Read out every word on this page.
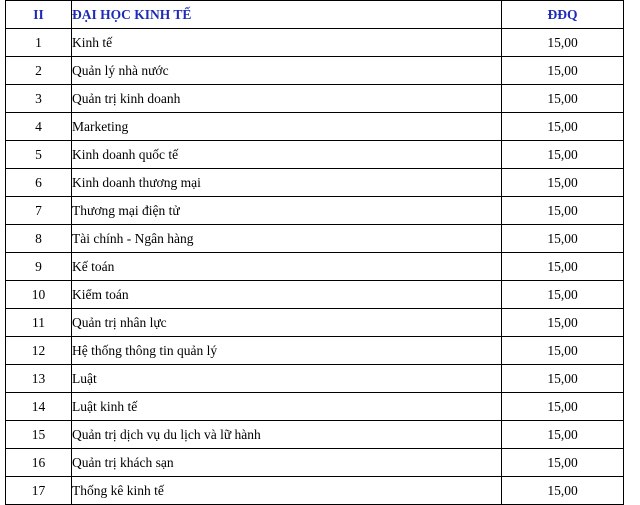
II	ĐẠI HỌC KINH TẾ	ĐĐQ
1	Kinh tế	15,00
2	Quản lý nhà nước	15,00
3	Quản trị kinh doanh	15,00
4	Marketing	15,00
5	Kinh doanh quốc tế	15,00
6	Kinh doanh thương mại	15,00
7	Thương mại điện tử	15,00
8	Tài chính - Ngân hàng	15,00
9	Kế toán	15,00
10	Kiểm toán	15,00
11	Quản trị nhân lực	15,00
12	Hệ thống thông tin quản lý	15,00
13	Luật	15,00
14	Luật kinh tế	15,00
15	Quản trị dịch vụ du lịch và lữ hành	15,00
16	Quản trị khách sạn	15,00
17	Thống kê kinh tế	15,00
